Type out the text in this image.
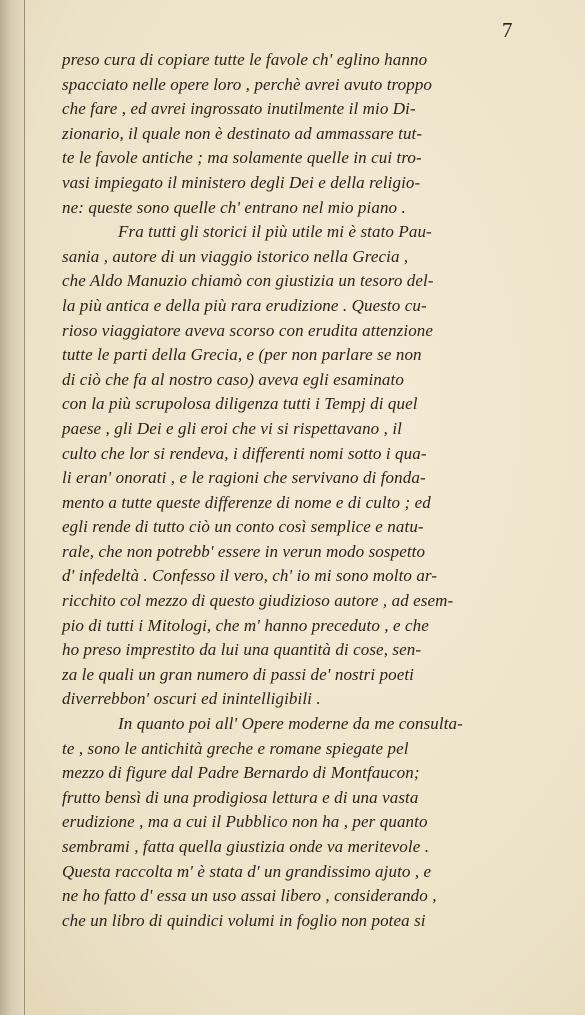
7
preso cura di copiare tutte le favole ch' eglino hanno
spacciato nelle opere loro , perchè avrei avuto troppo
che fare , ed avrei ingrossato inutilmente il mio Di-
zionario, il quale non è destinato ad ammassare tut-
te le favole antiche ; ma solamente quelle in cui tro-
vasi impiegato il ministero degli Dei e della religio-
ne: queste sono quelle ch' entrano nel mio piano .
Fra tutti gli storici il più utile mi è stato Pau-
sania , autore di un viaggio istorico nella Grecia ,
che Aldo Manuzio chiamò con giustizia un tesoro del-
la più antica e della più rara erudizione . Questo cu-
rioso viaggiatore aveva scorso con erudita attenzione
tutte le parti della Grecia, e (per non parlare se non
di ciò che fa al nostro caso) aveva egli esaminato
con la più scrupolosa diligenza tutti i Tempj di quel
paese , gli Dei e gli eroi che vi si rispettavano , il
culto che lor si rendeva, i differenti nomi sotto i qua-
li eran' onorati , e le ragioni che servivano di fonda-
mento a tutte queste differenze di nome e di culto ; ed
egli rende di tutto ciò un conto così semplice e natu-
rale, che non potrebb' essere in verun modo sospetto
d' infedeltà . Confesso il vero, ch' io mi sono molto ar-
ricchito col mezzo di questo giudizioso autore , ad esem-
pio di tutti i Mitologi, che m' hanno preceduto , e che
ho preso imprestito da lui una quantità di cose, sen-
za le quali un gran numero di passi de' nostri poeti
diverrebbon' oscuri ed inintelligibili .
In quanto poi all' Opere moderne da me consulta-
te , sono le antichità greche e romane spiegate pel
mezzo di figure dal Padre Bernardo di Montfaucon;
frutto bensì di una prodigiosa lettura e di una vasta
erudizione , ma a cui il Pubblico non ha , per quanto
sembrami , fatta quella giustizia onde va meritevole .
Questa raccolta m' è stata d' un grandissimo ajuto , e
ne ho fatto d' essa un uso assai libero , considerando ,
che un libro di quindici volumi in foglio non potea si
